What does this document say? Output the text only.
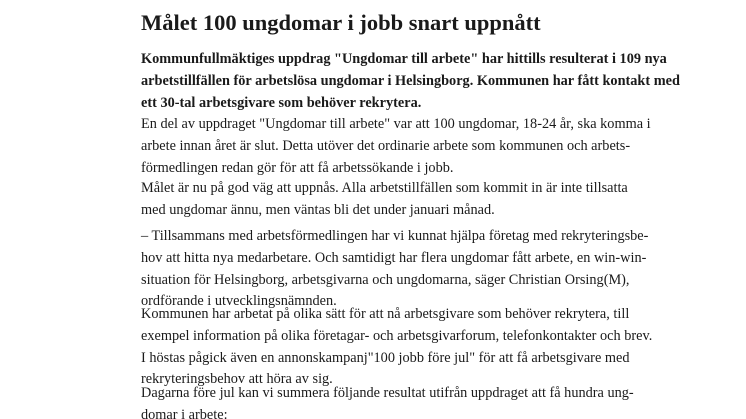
Målet 100 ungdomar i jobb snart uppnått

Kommunfullmäktiges uppdrag "Ungdomar till arbete" har hittills resulterat i 109 nya
arbetstillfällen för arbetslösa ungdomar i Helsingborg. Kommunen har fått kontakt med
ett 30-tal arbetsgivare som behöver rekrytera.

En del av uppdraget "Ungdomar till arbete" var att 100 ungdomar, 18-24 år, ska komma i
arbete innan året är slut. Detta utöver det ordinarie arbete som kommunen och arbets-
förmedlingen redan gör för att få arbetssökande i jobb.

Målet är nu på god väg att uppnås. Alla arbetstillfällen som kommit in är inte tillsatta
med ungdomar ännu, men väntas bli det under januari månad.

– Tillsammans med arbetsförmedlingen har vi kunnat hjälpa företag med rekryteringsbe-
hov att hitta nya medarbetare. Och samtidigt har flera ungdomar fått arbete, en win-win-
situation för Helsingborg, arbetsgivarna och ungdomarna, säger Christian Orsing(M),
ordförande i utvecklingsnämnden.

Kommunen har arbetat på olika sätt för att nå arbetsgivare som behöver rekrytera, till
exempel information på olika företagar- och arbetsgivarforum, telefonkontakter och brev.
I höstas pågick även en annonskampanj"100 jobb före jul" för att få arbetsgivare med
rekryteringsbehov att höra av sig.

Dagarna före jul kan vi summera följande resultat utifrån uppdraget att få hundra ung-
domar i arbete:
